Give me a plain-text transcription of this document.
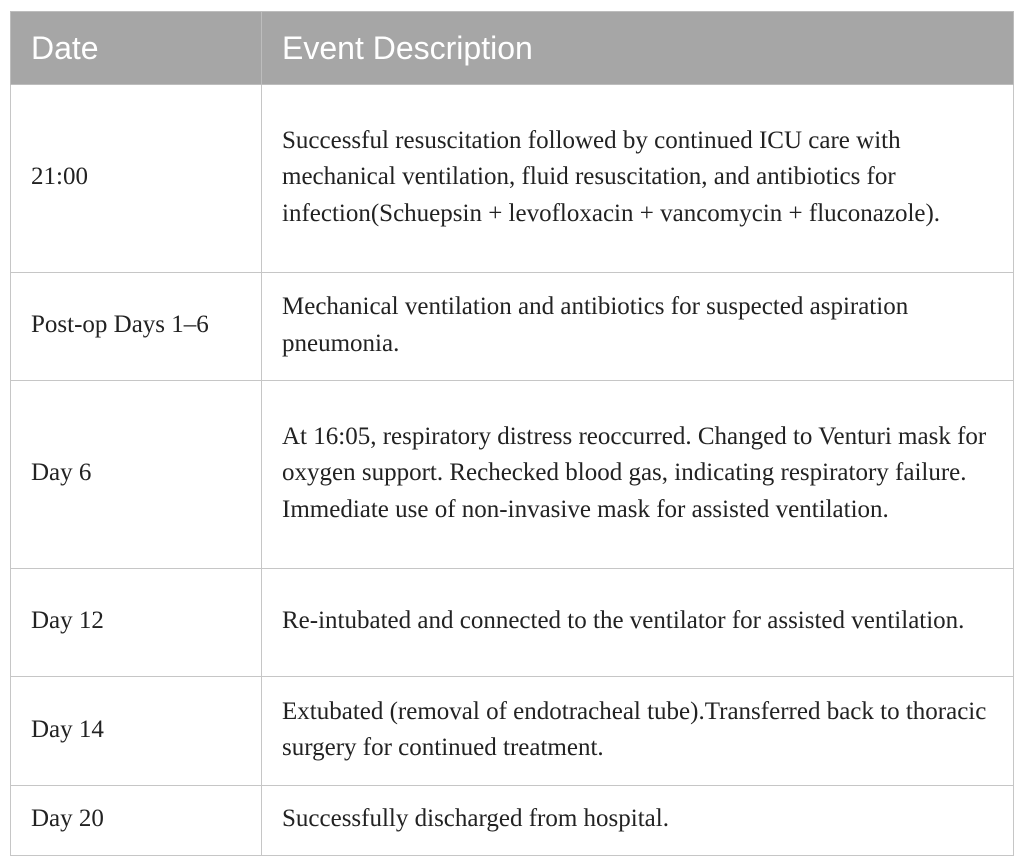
Date	Event Description
21:00	Successful resuscitation followed by continued ICU care with mechanical ventilation, fluid resuscitation, and antibiotics for infection(Schuepsin + levofloxacin + vancomycin + fluconazole).
Post-op Days 1–6	Mechanical ventilation and antibiotics for suspected aspiration pneumonia.
Day 6	At 16:05, respiratory distress reoccurred. Changed to Venturi mask for oxygen support. Rechecked blood gas, indicating respiratory failure. Immediate use of non-invasive mask for assisted ventilation.
Day 12	Re-intubated and connected to the ventilator for assisted ventilation.
Day 14	Extubated (removal of endotracheal tube).Transferred back to thoracic surgery for continued treatment.
Day 20	Successfully discharged from hospital.
